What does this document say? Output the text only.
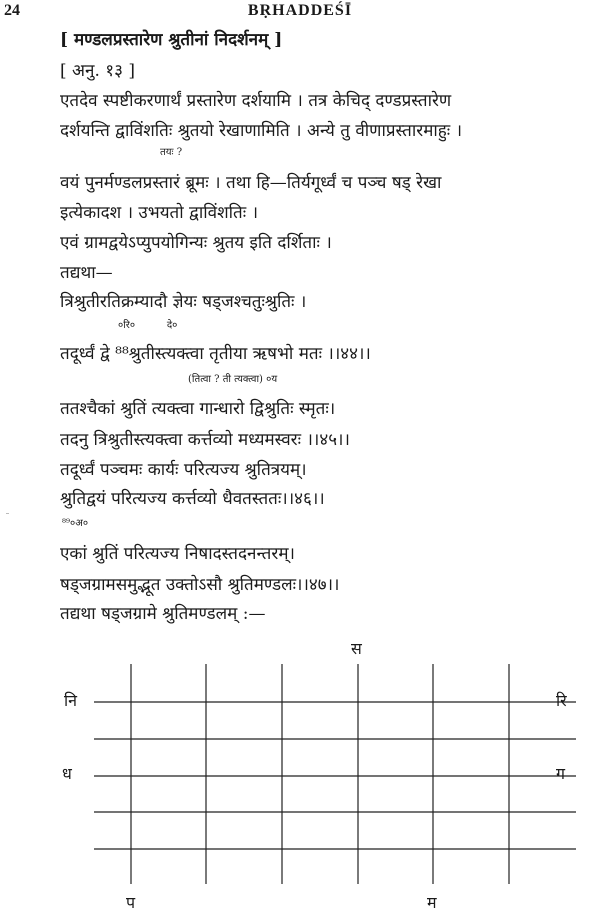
24	BṚHADDEŚĪ
[ मण्डलप्रस्तारेण श्रुतीनां निदर्शनम् ]
[ अनु. १३ ]
एतदेव स्पष्टीकरणार्थं प्रस्तारेण दर्शयामि । तत्र केचिद् दण्डप्रस्तारेण
दर्शयन्ति द्वाविंशतिः श्रुतयो रेखाणामिति । अन्ये तु वीणाप्रस्तारमाहुः ।
तयः ?
वयं पुनर्मण्डलप्रस्तारं ब्रूमः । तथा हि—तिर्यगूर्ध्वं च पञ्च षड् रेखा
इत्येकादश । उभयतो द्वाविंशतिः ।
एवं ग्रामद्वयेऽप्युपयोगिन्यः श्रुतय इति दर्शिताः ।
तद्यथा—
त्रिश्रुतीरतिक्रम्यादौ ज्ञेयः षड्जश्चतुःश्रुतिः ।
०रि०          दे०
तदूर्ध्वं द्वे ⁸⁸श्रुतीस्त्यक्त्वा तृतीया ऋषभो मतः ।।४४।।
(तित्वा ? ती त्यक्त्वा) ०य
ततश्चैकां श्रुतिं त्यक्त्वा गान्धारो द्विश्रुतिः स्मृतः।
तदनु त्रिश्रुतीस्त्यक्त्वा कर्त्तव्यो मध्यमस्वरः ।।४५।।
तदूर्ध्वं पञ्चमः कार्यः परित्यज्य श्रुतित्रयम्।
श्रुतिद्वयं परित्यज्य कर्त्तव्यो धैवतस्ततः।।४६।।
⁸⁹०अ०
एकां श्रुतिं परित्यज्य निषादस्तदनन्तरम्।
षड्जग्रामसमुद्भूत उक्तोऽसौ श्रुतिमण्डलः।।४७।।
तद्यथा षड्जग्रामे श्रुतिमण्डलम् :—
स
नि
ध
रि
ग
प	म
